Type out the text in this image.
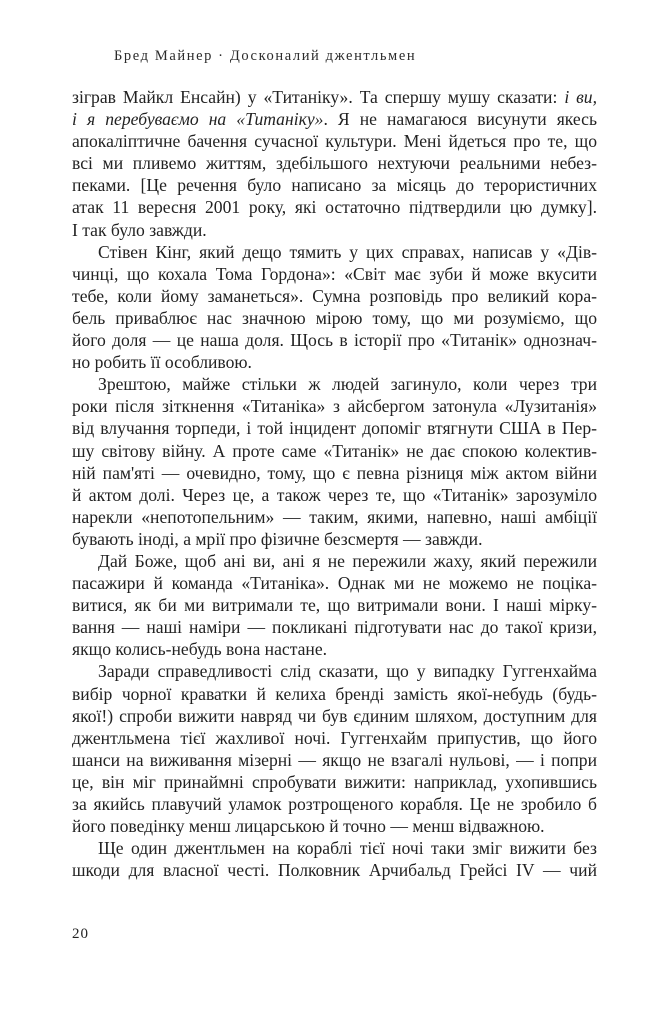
Бред Майнер · Досконалий джентльмен

зіграв Майкл Енсайн) у «Титаніку». Та спершу мушу сказати: і ви,
і я перебуваємо на «Титаніку». Я не намагаюся висунути якесь
апокаліптичне бачення сучасної культури. Мені йдеться про те, що
всі ми пливемо життям, здебільшого нехтуючи реальними небез-
пеками. [Це речення було написано за місяць до терористичних
атак 11 вересня 2001 року, які остаточно підтвердили цю думку].
І так було завжди.

Стівен Кінг, який дещо тямить у цих справах, написав у «Дів-
чинці, що кохала Тома Гордона»: «Світ має зуби й може вкусити
тебе, коли йому заманеться». Сумна розповідь про великий кора-
бель приваблює нас значною мірою тому, що ми розуміємо, що
його доля — це наша доля. Щось в історії про «Титанік» однознач-
но робить її особливою.

Зрештою, майже стільки ж людей загинуло, коли через три
роки після зіткнення «Титаніка» з айсбергом затонула «Лузитанія»
від влучання торпеди, і той інцидент допоміг втягнути США в Пер-
шу світову війну. А проте саме «Титанік» не дає спокою колектив-
ній пам'яті — очевидно, тому, що є певна різниця між актом війни
й актом долі. Через це, а також через те, що «Титанік» зарозуміло
нарекли «непотопельним» — таким, якими, напевно, наші амбіції
бувають іноді, а мрії про фізичне безсмертя — завжди.

Дай Боже, щоб ані ви, ані я не пережили жаху, який пережили
пасажири й команда «Титаніка». Однак ми не можемо не поціка-
витися, як би ми витримали те, що витримали вони. І наші мірку-
вання — наші наміри — покликані підготувати нас до такої кризи,
якщо колись-небудь вона настане.

Заради справедливості слід сказати, що у випадку Гуггенхайма
вибір чорної краватки й келиха бренді замість якої-небудь (будь-
якої!) спроби вижити навряд чи був єдиним шляхом, доступним для
джентльмена тієї жахливої ночі. Гуггенхайм припустив, що його
шанси на виживання мізерні — якщо не взагалі нульові, — і попри
це, він міг принаймні спробувати вижити: наприклад, ухопившись
за якийсь плавучий уламок розтрощеного корабля. Це не зробило б
його поведінку менш лицарською й точно — менш відважною.

Ще один джентльмен на кораблі тієї ночі таки зміг вижити без
шкоди для власної честі. Полковник Арчибальд Грейсі IV — чий

20
